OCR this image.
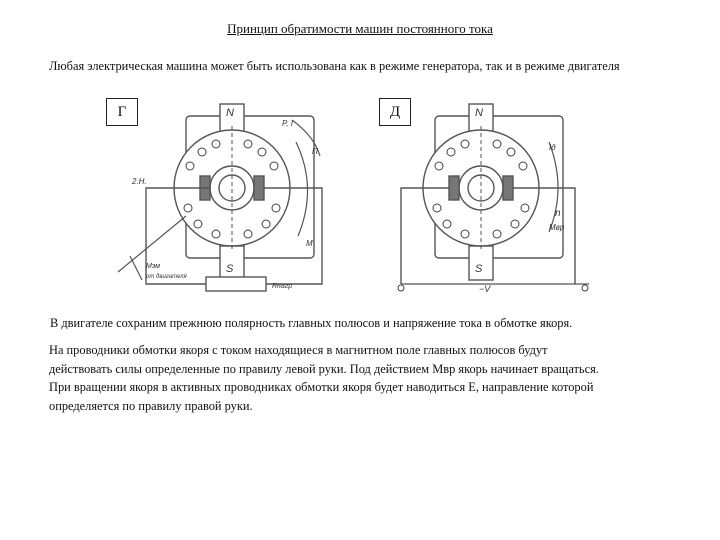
Принцип обратимости машин постоянного тока
Любая электрическая машина может быть использована как в режиме генератора, так и в режиме двигателя
N
S
P, I
П
2.Н.
M
Mэм
от двигателя
Rнагр
Г	N
S
Iд
n
Mвр
−V
Д
В двигателе сохраним прежнюю полярность главных полюсов и напряжение тока в обмотке якоря.
На проводники обмотки якоря с током находящиеся в магнитном поле главных полюсов будут
действовать силы определенные по правилу левой руки. Под действием Mвр якорь начинает вращаться.
При вращении якоря в активных проводниках обмотки якоря будет наводиться E, направление которой
определяется по правилу правой руки.
